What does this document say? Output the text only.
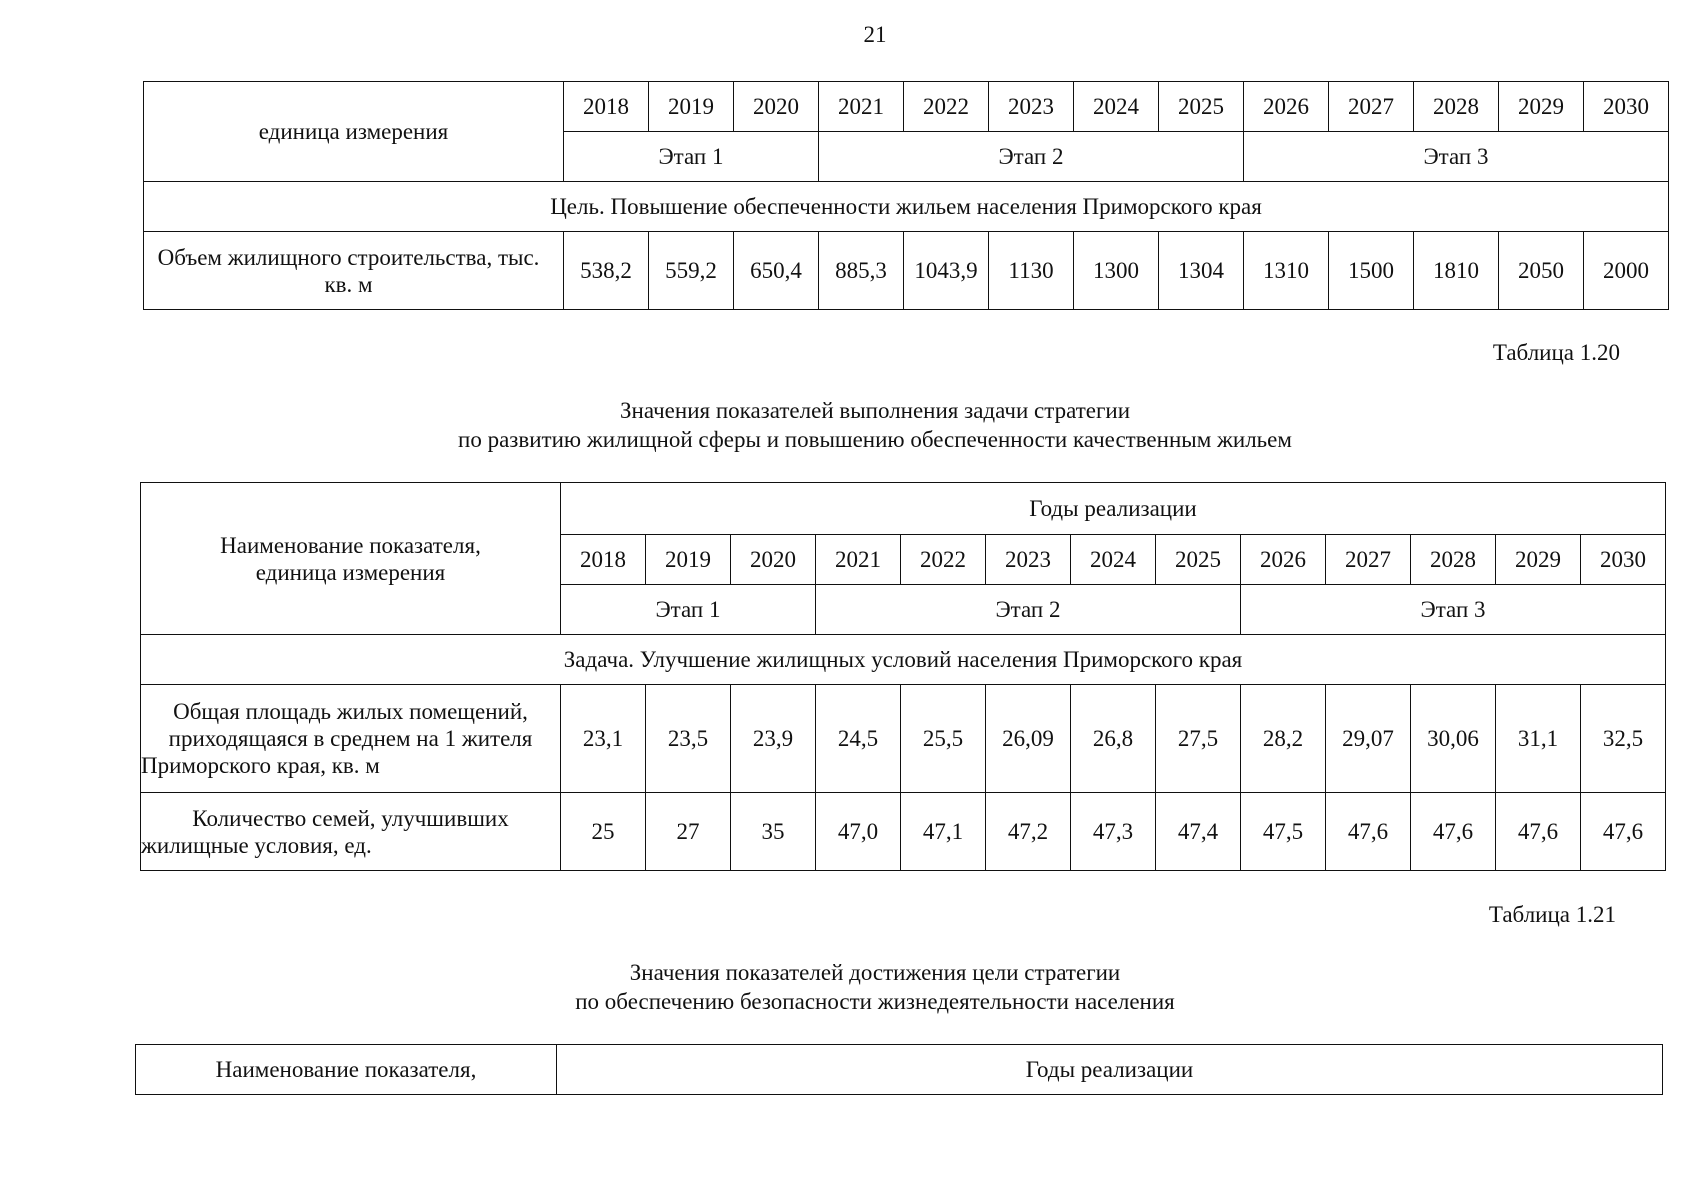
21
единица измерения	2018	2019	2020	2021	2022	2023	2024	2025	2026	2027	2028	2029	2030
	Этап 1			Этап 2					Этап 3				
Цель. Повышение обеспеченности жильем населения Приморского края													
Объем жилищного строительства, тыс. кв. м	538,2	559,2	650,4	885,3	1043,9	1130	1300	1304	1310	1500	1810	2050	2000
Таблица 1.20
Значения показателей выполнения задачи стратегии
по развитию жилищной сферы и повышению обеспеченности качественным жильем
Наименование показателя,
единица измерения	Годы реализации												
	2018	2019	2020	2021	2022	2023	2024	2025	2026	2027	2028	2029	2030
	Этап 1			Этап 2					Этап 3				
Задача. Улучшение жилищных условий населения Приморского края													
Общая площадь жилых помещений, приходящаяся в среднем на 1 жителя Приморского края, кв. м	23,1	23,5	23,9	24,5	25,5	26,09	26,8	27,5	28,2	29,07	30,06	31,1	32,5
Количество семей, улучшивших жилищные условия, ед.	25	27	35	47,0	47,1	47,2	47,3	47,4	47,5	47,6	47,6	47,6	47,6
Таблица 1.21
Значения показателей достижения цели стратегии
по обеспечению безопасности жизнедеятельности населения
Наименование показателя,	Годы реализации
